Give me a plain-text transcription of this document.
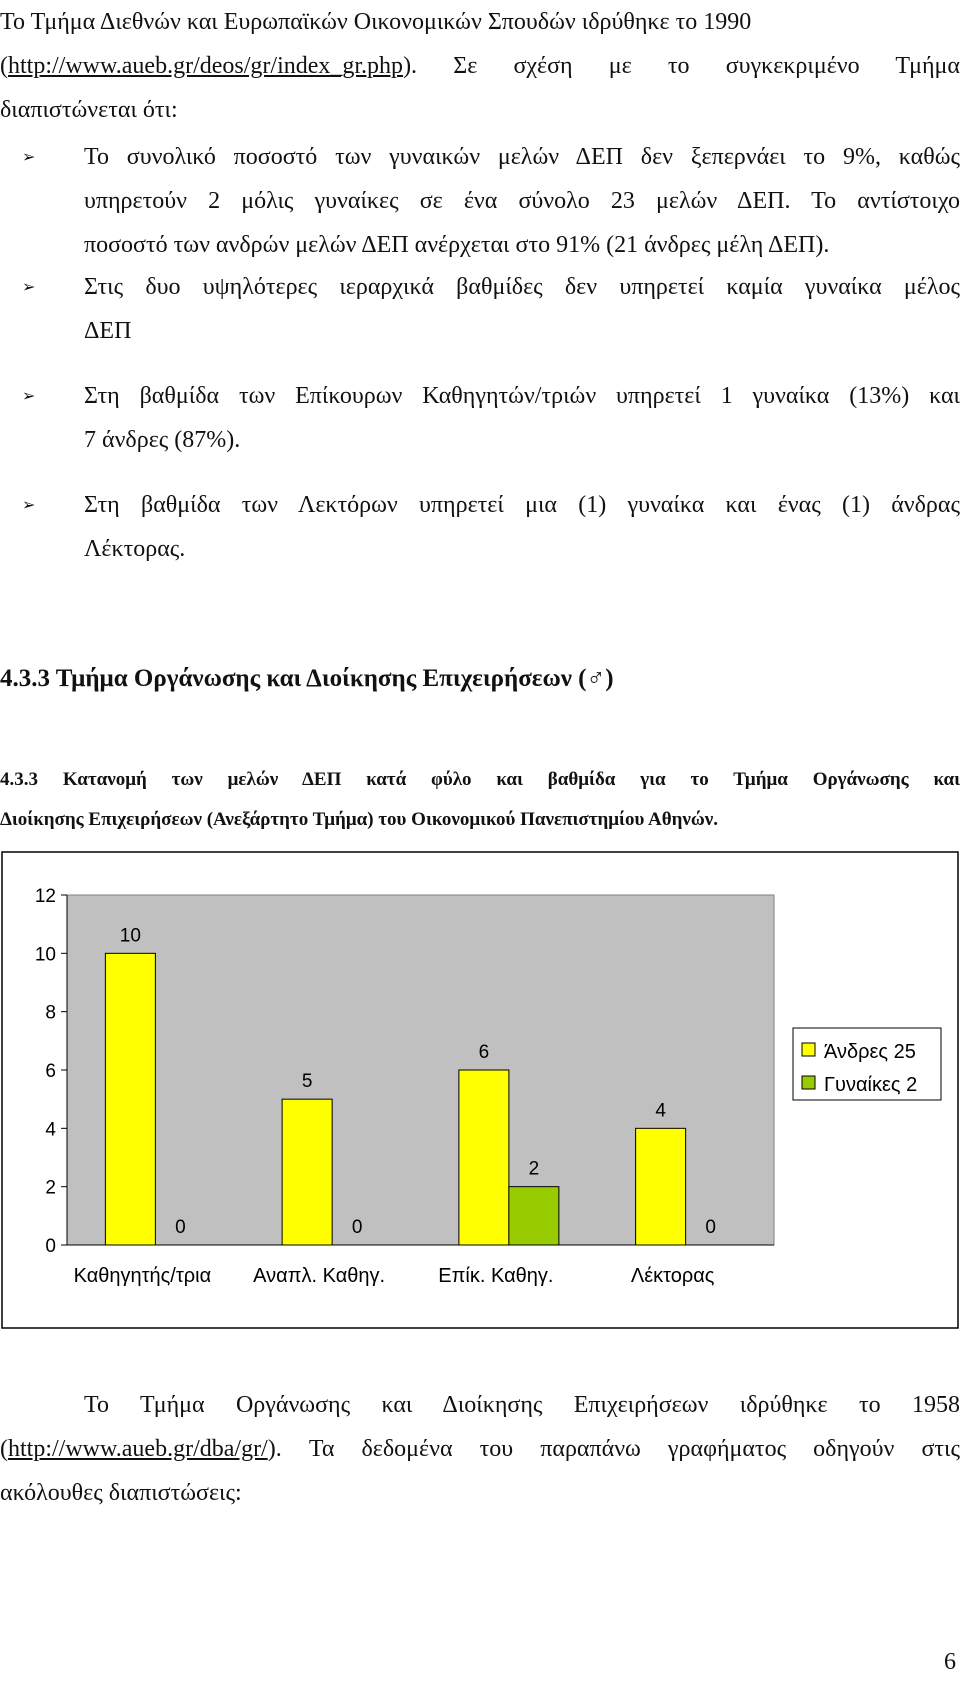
Το Τμήμα Διεθνών και Ευρωπαϊκών Οικονομικών Σπουδών ιδρύθηκε το 1990
(http://www.aueb.gr/deos/gr/index_gr.php). Σε σχέση με το συγκεκριμένο Τμήμα
διαπιστώνεται ότι:
➢ Το συνολικό ποσοστό των γυναικών μελών ΔΕΠ δεν ξεπερνάει το 9%, καθώς
υπηρετούν 2 μόλις γυναίκες σε ένα σύνολο 23 μελών ΔΕΠ. Το αντίστοιχο
ποσοστό των ανδρών μελών ΔΕΠ ανέρχεται στο 91% (21 άνδρες μέλη ΔΕΠ).
➢ Στις δυο υψηλότερες ιεραρχικά βαθμίδες δεν υπηρετεί καμία γυναίκα μέλος
ΔΕΠ
➢ Στη βαθμίδα των Επίκουρων Καθηγητών/τριών υπηρετεί 1 γυναίκα (13%) και
7 άνδρες (87%).
➢ Στη βαθμίδα των Λεκτόρων υπηρετεί μια (1) γυναίκα και ένας (1) άνδρας
Λέκτορας.
4.3.3 Τμήμα Οργάνωσης και Διοίκησης Επιχειρήσεων (♂)
4.3.3 Κατανομή των μελών ΔΕΠ κατά φύλο και βαθμίδα για το Τμήμα Οργάνωσης και
Διοίκησης Επιχειρήσεων (Ανεξάρτητο Τμήμα) του Οικονομικού Πανεπιστημίου Αθηνών.
0
2
4
6
8
10
12
10
0
Καθηγητής/τρια
5
0
Αναπλ. Καθηγ.
6
2
Επίκ. Καθηγ.
4
0
Λέκτορας
Άνδρες 25
Γυναίκες 2
Το Τμήμα Οργάνωσης και Διοίκησης Επιχειρήσεων ιδρύθηκε το 1958
(http://www.aueb.gr/dba/gr/). Τα δεδομένα του παραπάνω γραφήματος οδηγούν στις
ακόλουθες διαπιστώσεις:
6
